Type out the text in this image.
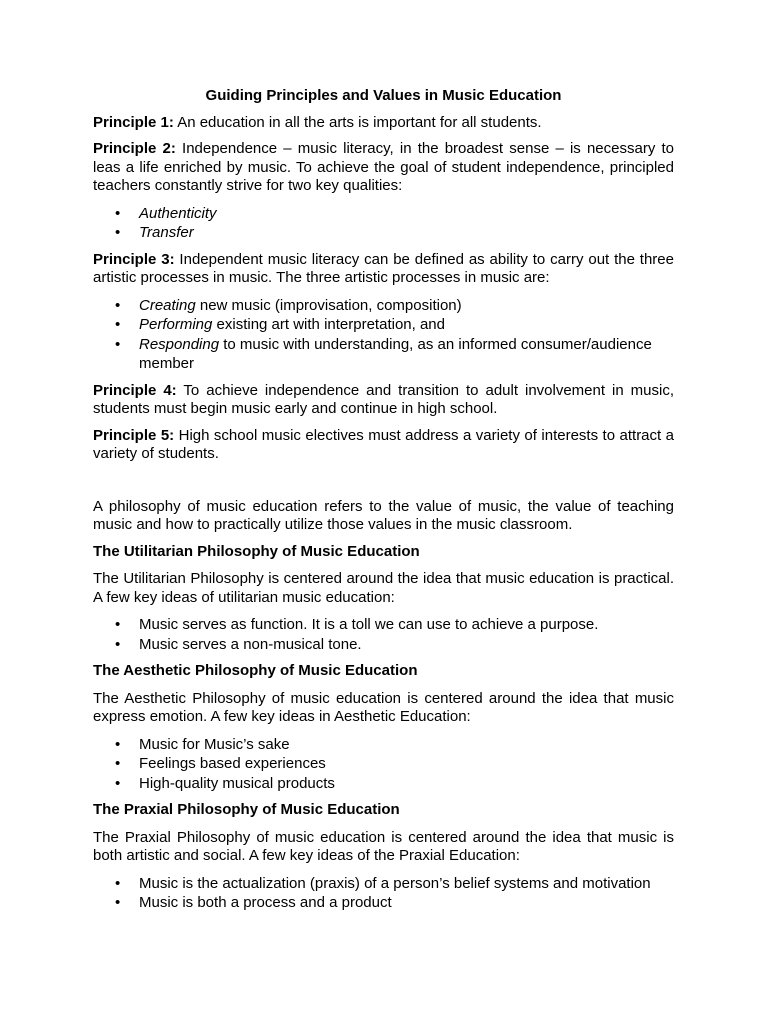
Guiding Principles and Values in Music Education

Principle 1: An education in all the arts is important for all students.

Principle 2: Independence – music literacy, in the broadest sense – is necessary to leas a life enriched by music. To achieve the goal of student independence, principled teachers constantly strive for two key qualities:

• Authenticity
• Transfer

Principle 3: Independent music literacy can be defined as ability to carry out the three artistic processes in music. The three artistic processes in music are:

• Creating new music (improvisation, composition)
• Performing existing art with interpretation, and
• Responding to music with understanding, as an informed consumer/audience member

Principle 4: To achieve independence and transition to adult involvement in music, students must begin music early and continue in high school.

Principle 5: High school music electives must address a variety of interests to attract a variety of students.

A philosophy of music education refers to the value of music, the value of teaching music and how to practically utilize those values in the music classroom.

The Utilitarian Philosophy of Music Education

The Utilitarian Philosophy is centered around the idea that music education is practical. A few key ideas of utilitarian music education:

• Music serves as function. It is a toll we can use to achieve a purpose.
• Music serves a non-musical tone.
The Aesthetic Philosophy of Music Education

The Aesthetic Philosophy of music education is centered around the idea that music express emotion. A few key ideas in Aesthetic Education:

• Music for Music’s sake
• Feelings based experiences
• High-quality musical products
The Praxial Philosophy of Music Education

The Praxial Philosophy of music education is centered around the idea that music is both artistic and social. A few key ideas of the Praxial Education:

• Music is the actualization (praxis) of a person’s belief systems and motivation
• Music is both a process and a product
